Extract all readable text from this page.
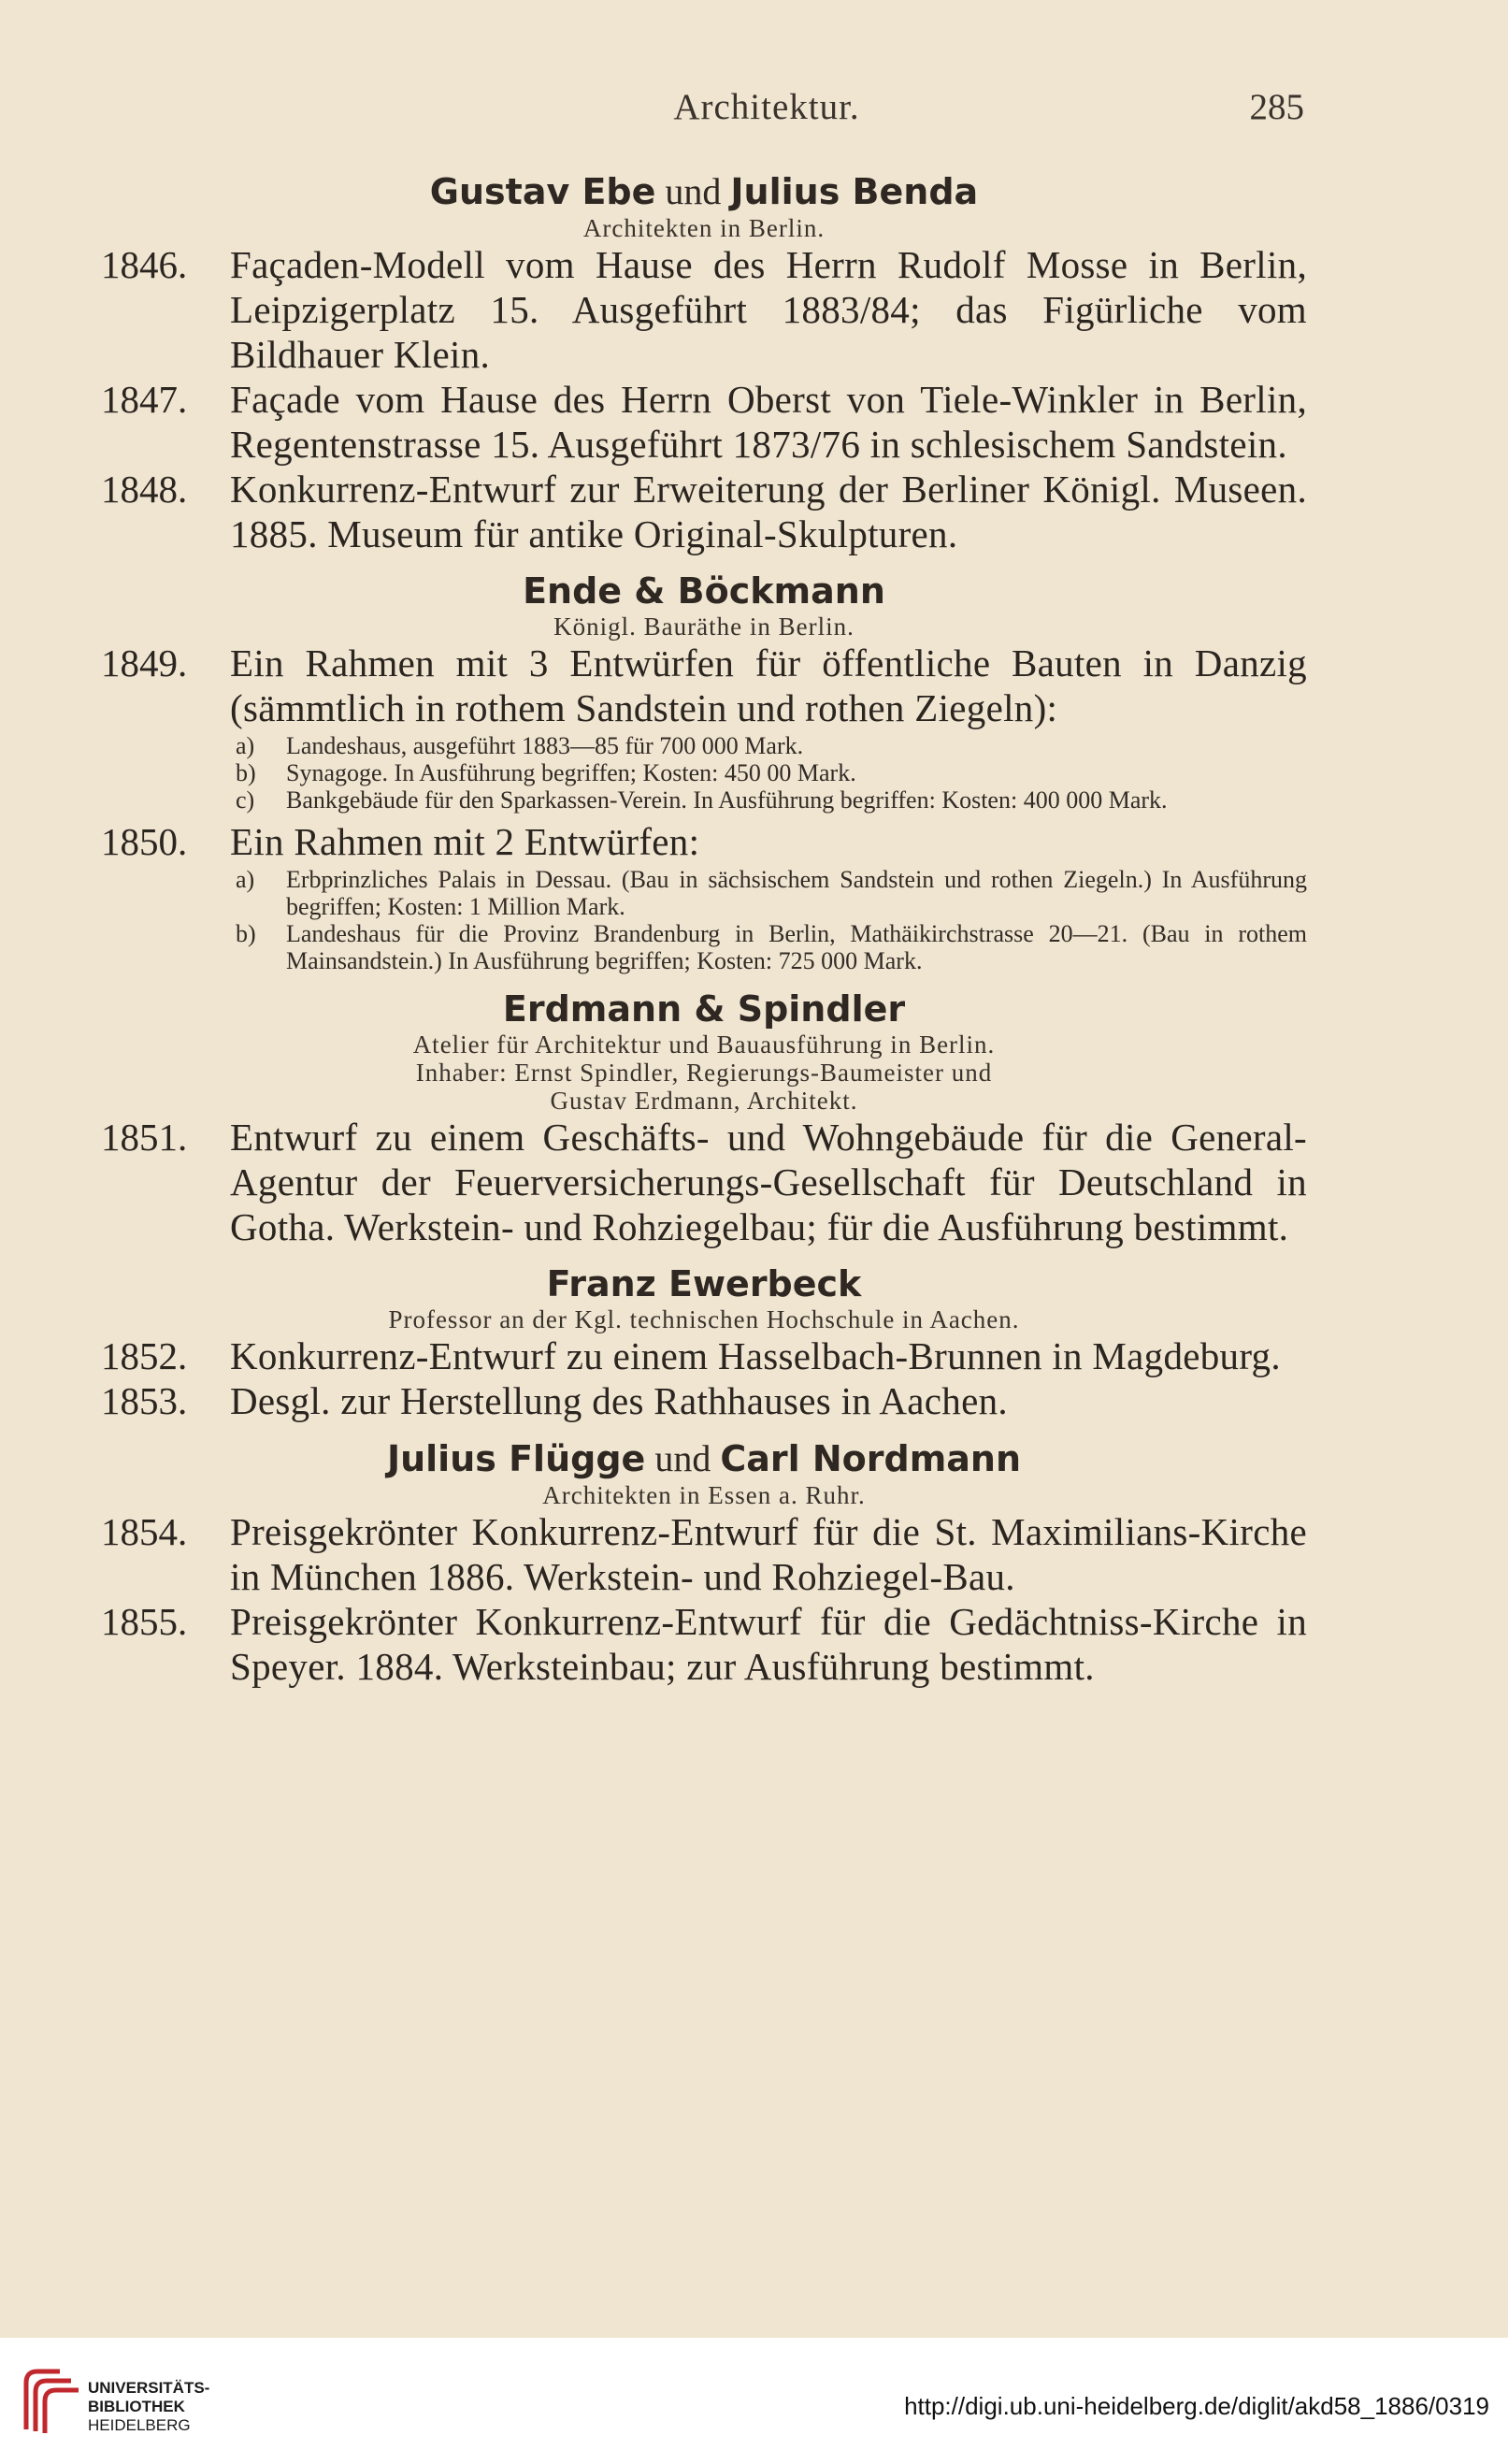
Architektur.	285
Gustav Ebe und Julius Benda
Architekten in Berlin.
1846. Façaden-Modell vom Hause des Herrn Rudolf Mosse in Berlin, Leipzigerplatz 15. Ausgeführt 1883/84; das Figürliche vom Bildhauer Klein.
1847. Façade vom Hause des Herrn Oberst von Tiele-Winkler in Berlin, Regentenstrasse 15. Ausgeführt 1873/76 in schlesischem Sandstein.
1848. Konkurrenz-Entwurf zur Erweiterung der Berliner Königl. Museen. 1885. Museum für antike Original-Skulpturen.
Ende & Böckmann
Königl. Bauräthe in Berlin.
1849. Ein Rahmen mit 3 Entwürfen für öffentliche Bauten in Danzig (sämmtlich in rothem Sandstein und rothen Ziegeln):
a) Landeshaus, ausgeführt 1883—85 für 700 000 Mark.
b) Synagoge. In Ausführung begriffen; Kosten: 450 00 Mark.
c) Bankgebäude für den Sparkassen-Verein. In Ausführung begriffen: Kosten: 400 000 Mark.
1850. Ein Rahmen mit 2 Entwürfen:
a) Erbprinzliches Palais in Dessau. (Bau in sächsischem Sandstein und rothen Ziegeln.) In Ausführung begriffen; Kosten: 1 Million Mark.
b) Landeshaus für die Provinz Brandenburg in Berlin, Mathäikirchstrasse 20—21. (Bau in rothem Mainsandstein.) In Ausführung begriffen; Kosten: 725 000 Mark.
Erdmann & Spindler
Atelier für Architektur und Bauausführung in Berlin.
Inhaber: Ernst Spindler, Regierungs-Baumeister und
Gustav Erdmann, Architekt.
1851. Entwurf zu einem Geschäfts- und Wohngebäude für die General-Agentur der Feuerversicherungs-Gesellschaft für Deutschland in Gotha. Werkstein- und Rohziegelbau; für die Ausführung bestimmt.
Franz Ewerbeck
Professor an der Kgl. technischen Hochschule in Aachen.
1852. Konkurrenz-Entwurf zu einem Hasselbach-Brunnen in Magdeburg.
1853. Desgl. zur Herstellung des Rathhauses in Aachen.
Julius Flügge und Carl Nordmann
Architekten in Essen a. Ruhr.
1854. Preisgekrönter Konkurrenz-Entwurf für die St. Maximilians-Kirche in München 1886. Werkstein- und Rohziegel-Bau.
1855. Preisgekrönter Konkurrenz-Entwurf für die Gedächtniss-Kirche in Speyer. 1884. Werksteinbau; zur Ausführung bestimmt.
UNIVERSITÄTS-
BIBLIOTHEK
HEIDELBERG
http://digi.ub.uni-heidelberg.de/diglit/akd58_1886/0319
